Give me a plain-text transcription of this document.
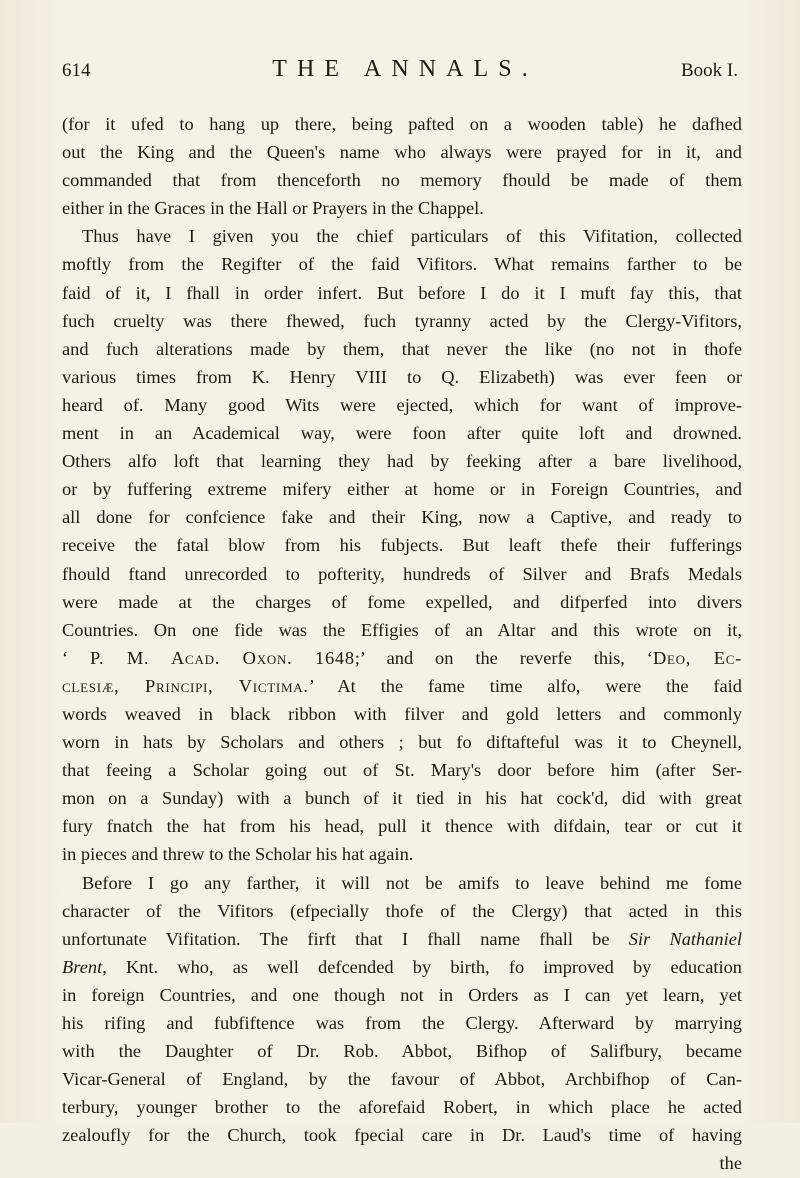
614	THE ANNALS.	Book I.
(for it ufed to hang up there, being pafted on a wooden table) he dafhed
out the King and the Queen's name who always were prayed for in it, and
commanded that from thenceforth no memory fhould be made of them
either in the Graces in the Hall or Prayers in the Chappel.
Thus have I given you the chief particulars of this Vifitation, collected
moftly from the Regifter of the faid Vifitors. What remains farther to be
faid of it, I fhall in order infert. But before I do it I muft fay this, that
fuch cruelty was there fhewed, fuch tyranny acted by the Clergy-Vifitors,
and fuch alterations made by them, that never the like (no not in thofe
various times from K. Henry VIII to Q. Elizabeth) was ever feen or
heard of. Many good Wits were ejected, which for want of improve-
ment in an Academical way, were foon after quite loft and drowned.
Others alfo loft that learning they had by feeking after a bare livelihood,
or by fuffering extreme mifery either at home or in Foreign Countries, and
all done for confcience fake and their King, now a Captive, and ready to
receive the fatal blow from his fubjects. But leaft thefe their fufferings
fhould ftand unrecorded to pofterity, hundreds of Silver and Brafs Medals
were made at the charges of fome expelled, and difperfed into divers
Countries. On one fide was the Effigies of an Altar and this wrote on it,
‘ P. M. Acad. Oxon. 1648;’ and on the reverfe this, ‘Deo, Ec-
clesiæ, Principi, Victima.’ At the fame time alfo, were the faid
words weaved in black ribbon with filver and gold letters and commonly
worn in hats by Scholars and others ; but fo diftafteful was it to Cheynell,
that feeing a Scholar going out of St. Mary's door before him (after Ser-
mon on a Sunday) with a bunch of it tied in his hat cock'd, did with great
fury fnatch the hat from his head, pull it thence with difdain, tear or cut it
in pieces and threw to the Scholar his hat again.
Before I go any farther, it will not be amifs to leave behind me fome
character of the Vifitors (efpecially thofe of the Clergy) that acted in this
unfortunate Vifitation. The firft that I fhall name fhall be Sir Nathaniel
Brent, Knt. who, as well defcended by birth, fo improved by education
in foreign Countries, and one though not in Orders as I can yet learn, yet
his rifing and fubfiftence was from the Clergy. Afterward by marrying
with the Daughter of Dr. Rob. Abbot, Bifhop of Salifbury, became
Vicar-General of England, by the favour of Abbot, Archbifhop of Can-
terbury, younger brother to the aforefaid Robert, in which place he acted
zealoufly for the Church, took fpecial care in Dr. Laud's time of having
the
